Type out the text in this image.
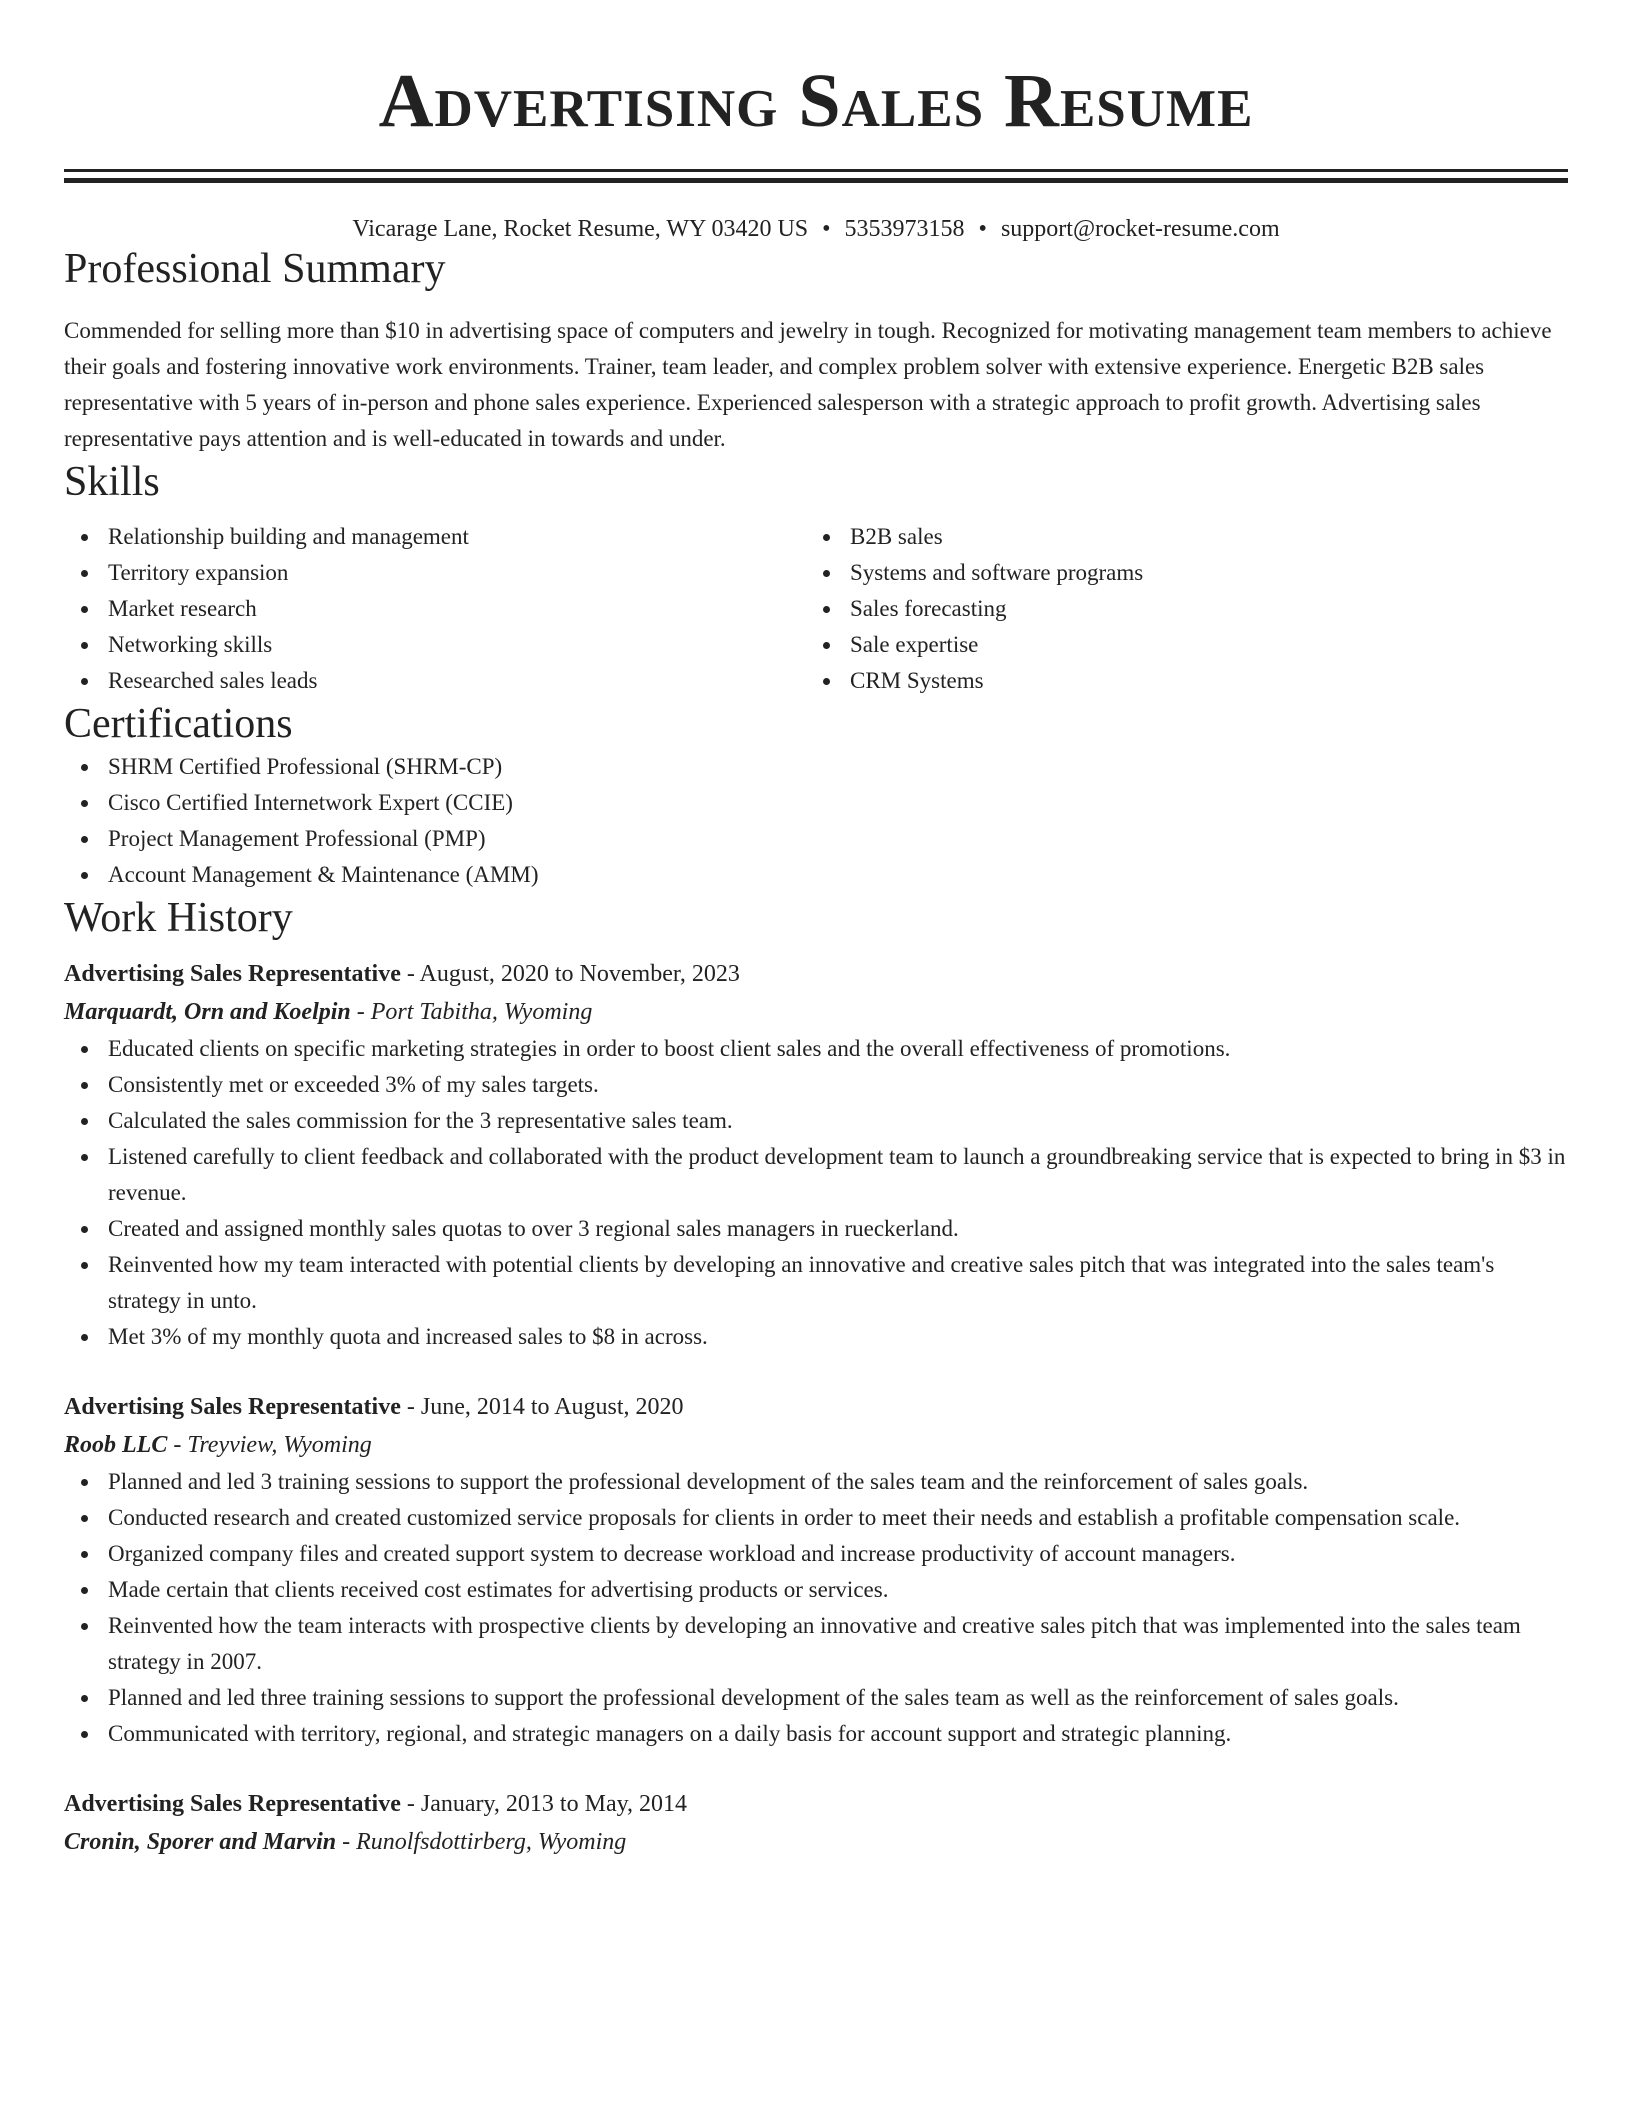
Advertising Sales Resume
Vicarage Lane, Rocket Resume, WY 03420 US • 5353973158 • support@rocket-resume.com
Professional Summary

Commended for selling more than $10 in advertising space of computers and jewelry in tough. Recognized for motivating management team members to achieve their goals and fostering innovative work environments. Trainer, team leader, and complex problem solver with extensive experience. Energetic B2B sales representative with 5 years of in-person and phone sales experience. Experienced salesperson with a strategic approach to profit growth. Advertising sales representative pays attention and is well-educated in towards and under.

Skills
Relationship building and management
Territory expansion
Market research
Networking skills
Researched sales leads
B2B sales
Systems and software programs
Sales forecasting
Sale expertise
CRM Systems
Certifications
SHRM Certified Professional (SHRM-CP)
Cisco Certified Internetwork Expert (CCIE)
Project Management Professional (PMP)
Account Management & Maintenance (AMM)
Work History
Advertising Sales Representative - August, 2020 to November, 2023
Marquardt, Orn and Koelpin - Port Tabitha, Wyoming
Educated clients on specific marketing strategies in order to boost client sales and the overall effectiveness of promotions.
Consistently met or exceeded 3% of my sales targets.
Calculated the sales commission for the 3 representative sales team.
Listened carefully to client feedback and collaborated with the product development team to launch a groundbreaking service that is expected to bring in $3 in revenue.
Created and assigned monthly sales quotas to over 3 regional sales managers in rueckerland.
Reinvented how my team interacted with potential clients by developing an innovative and creative sales pitch that was integrated into the sales team's strategy in unto.
Met 3% of my monthly quota and increased sales to $8 in across.
Advertising Sales Representative - June, 2014 to August, 2020
Roob LLC - Treyview, Wyoming
Planned and led 3 training sessions to support the professional development of the sales team and the reinforcement of sales goals.
Conducted research and created customized service proposals for clients in order to meet their needs and establish a profitable compensation scale.
Organized company files and created support system to decrease workload and increase productivity of account managers.
Made certain that clients received cost estimates for advertising products or services.
Reinvented how the team interacts with prospective clients by developing an innovative and creative sales pitch that was implemented into the sales team strategy in 2007.
Planned and led three training sessions to support the professional development of the sales team as well as the reinforcement of sales goals.
Communicated with territory, regional, and strategic managers on a daily basis for account support and strategic planning.
Advertising Sales Representative - January, 2013 to May, 2014
Cronin, Sporer and Marvin - Runolfsdottirberg, Wyoming
